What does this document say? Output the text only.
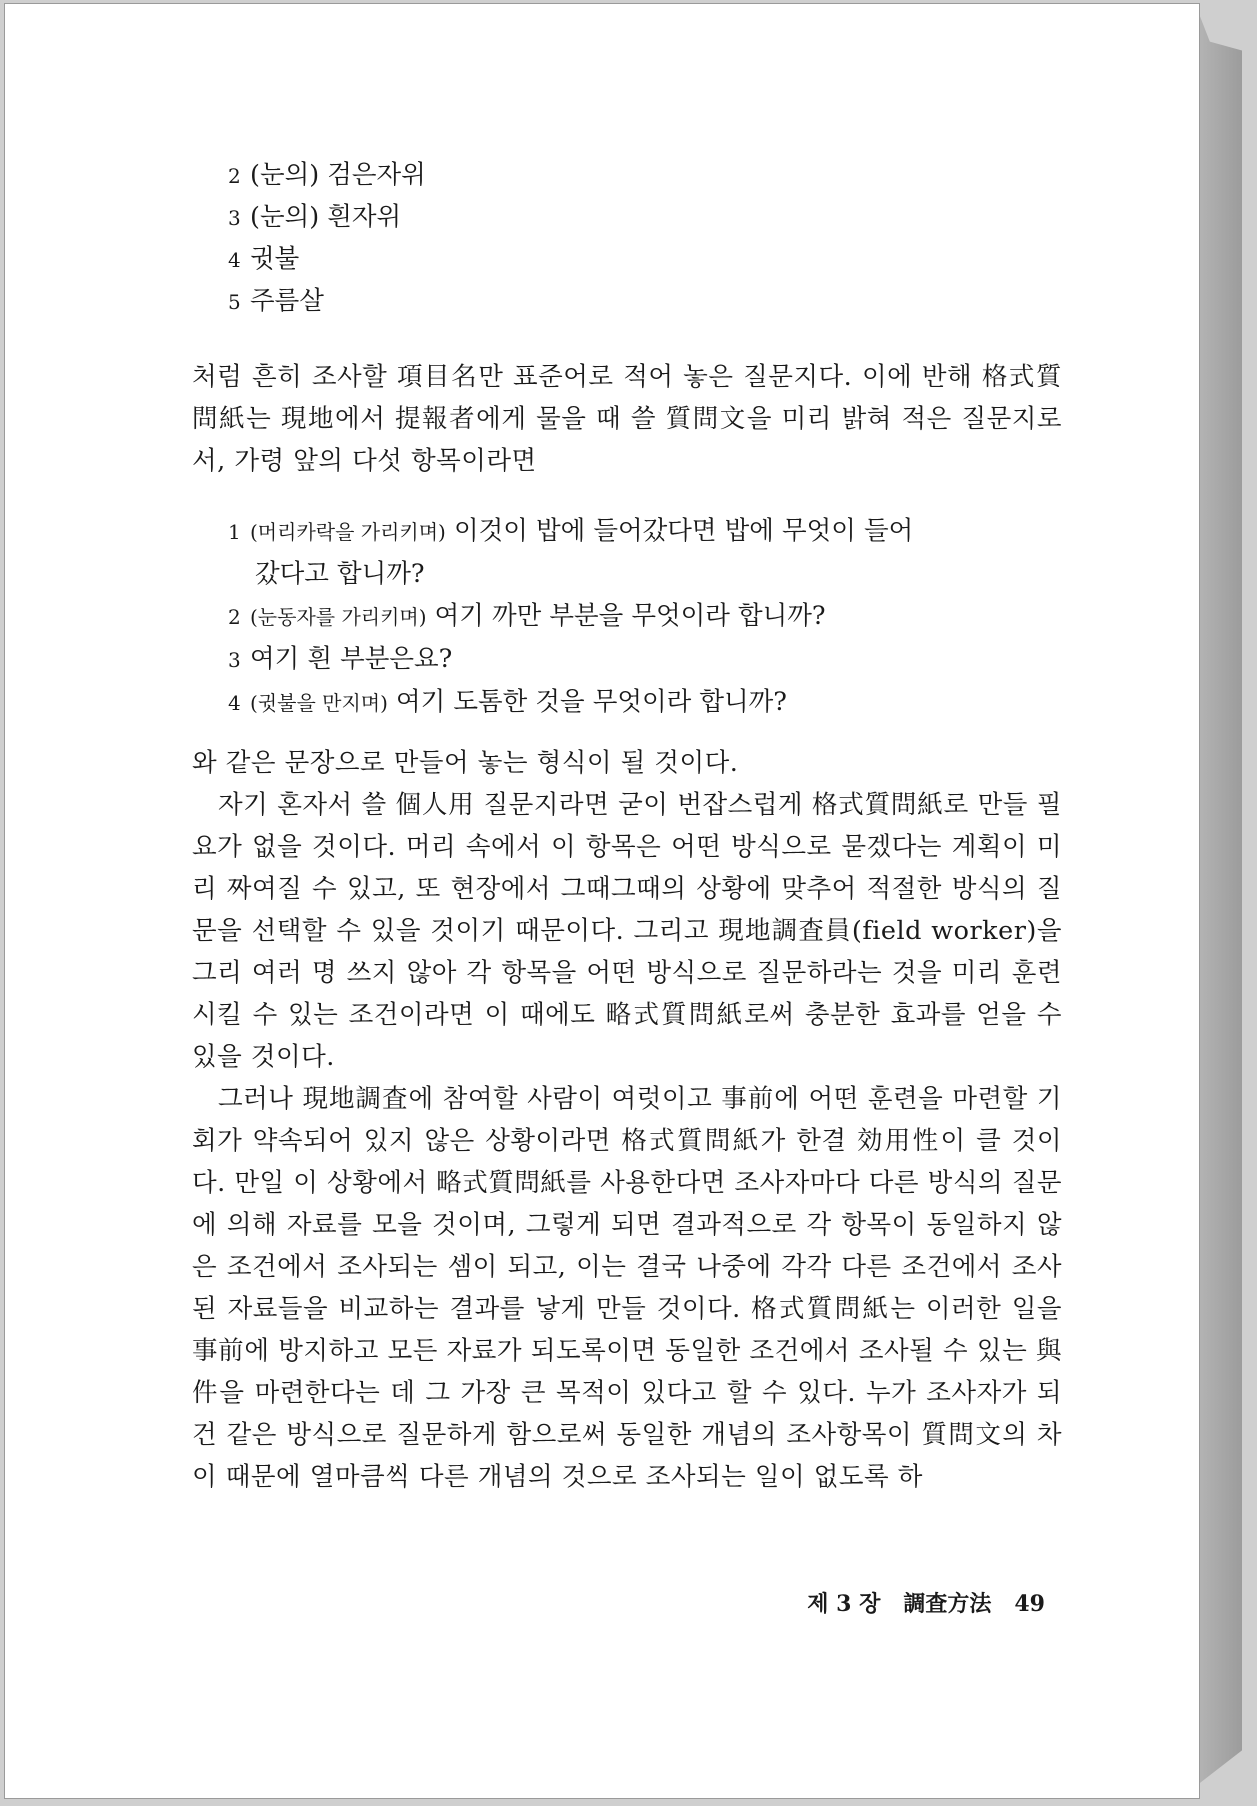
2 (눈의) 검은자위
3 (눈의) 흰자위
4 귓불
5 주름살

처럼 흔히 조사할 項目名만 표준어로 적어 놓은 질문지다. 이에 반해 格式質問紙는 現地에서 提報者에게 물을 때 쓸 質問文을 미리 밝혀 적은 질문지로서, 가령 앞의 다섯 항목이라면

1 (머리카락을 가리키며) 이것이 밥에 들어갔다면 밥에 무엇이 들어
갔다고 합니까?
2 (눈동자를 가리키며) 여기 까만 부분을 무엇이라 합니까?
3 여기 흰 부분은요?
4 (귓불을 만지며) 여기 도톰한 것을 무엇이라 합니까?

와 같은 문장으로 만들어 놓는 형식이 될 것이다.

자기 혼자서 쓸 個人用 질문지라면 굳이 번잡스럽게 格式質問紙로 만들 필요가 없을 것이다. 머리 속에서 이 항목은 어떤 방식으로 묻겠다는 계획이 미리 짜여질 수 있고, 또 현장에서 그때그때의 상황에 맞추어 적절한 방식의 질문을 선택할 수 있을 것이기 때문이다. 그리고 現地調査員(field worker)을 그리 여러 명 쓰지 않아 각 항목을 어떤 방식으로 질문하라는 것을 미리 훈련시킬 수 있는 조건이라면 이 때에도 略式質問紙로써 충분한 효과를 얻을 수 있을 것이다.

그러나 現地調査에 참여할 사람이 여럿이고 事前에 어떤 훈련을 마련할 기회가 약속되어 있지 않은 상황이라면 格式質問紙가 한결 効用性이 클 것이다. 만일 이 상황에서 略式質問紙를 사용한다면 조사자마다 다른 방식의 질문에 의해 자료를 모을 것이며, 그렇게 되면 결과적으로 각 항목이 동일하지 않은 조건에서 조사되는 셈이 되고, 이는 결국 나중에 각각 다른 조건에서 조사된 자료들을 비교하는 결과를 낳게 만들 것이다. 格式質問紙는 이러한 일을 事前에 방지하고 모든 자료가 되도록이면 동일한 조건에서 조사될 수 있는 與件을 마련한다는 데 그 가장 큰 목적이 있다고 할 수 있다. 누가 조사자가 되건 같은 방식으로 질문하게 함으로써 동일한 개념의 조사항목이 質問文의 차이 때문에 열마큼씩 다른 개념의 것으로 조사되는 일이 없도록 하

제 3 장 調査方法 49
